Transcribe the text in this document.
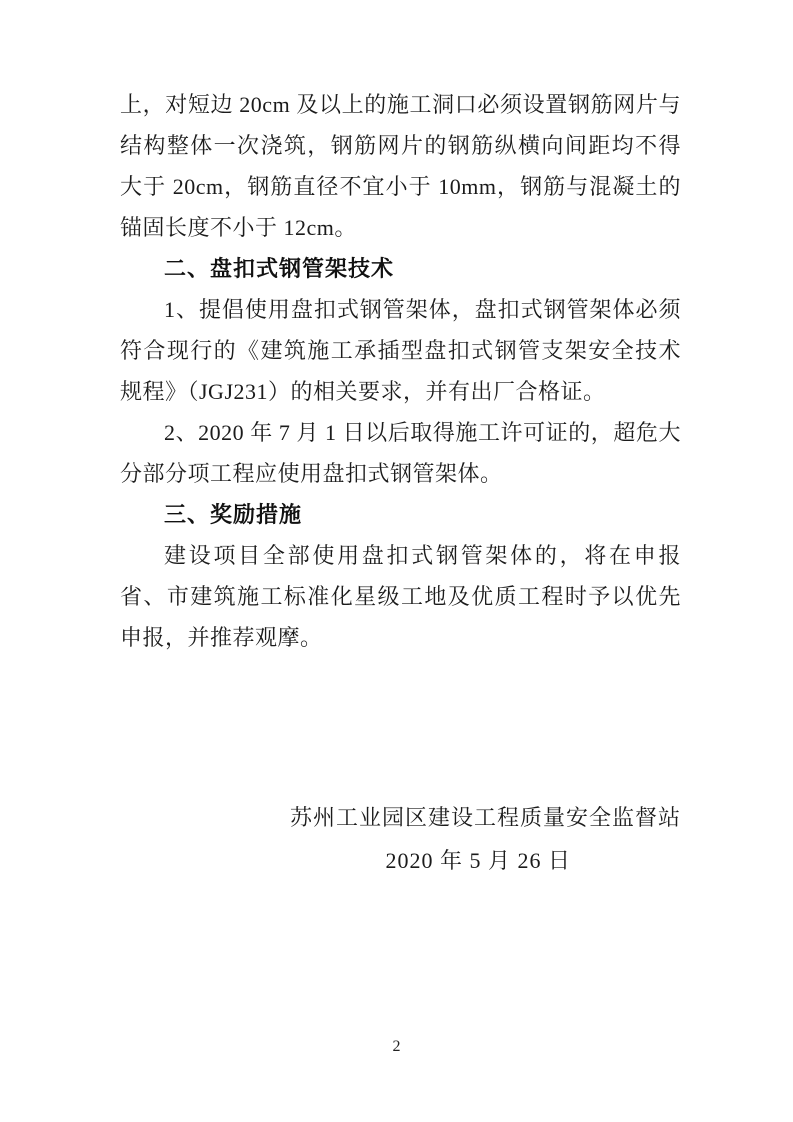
上，对短边 20cm 及以上的施工洞口必须设置钢筋网片与结构整体一次浇筑，钢筋网片的钢筋纵横向间距均不得大于 20cm，钢筋直径不宜小于 10mm，钢筋与混凝土的锚固长度不小于 12cm。

二、盘扣式钢管架技术

1、提倡使用盘扣式钢管架体，盘扣式钢管架体必须符合现行的《建筑施工承插型盘扣式钢管支架安全技术规程》（JGJ231）的相关要求，并有出厂合格证。

2、2020 年 7 月 1 日以后取得施工许可证的，超危大分部分项工程应使用盘扣式钢管架体。

三、奖励措施

建设项目全部使用盘扣式钢管架体的，将在申报省、市建筑施工标准化星级工地及优质工程时予以优先申报，并推荐观摩。

苏州工业园区建设工程质量安全监督站
2020 年 5 月 26 日
2
